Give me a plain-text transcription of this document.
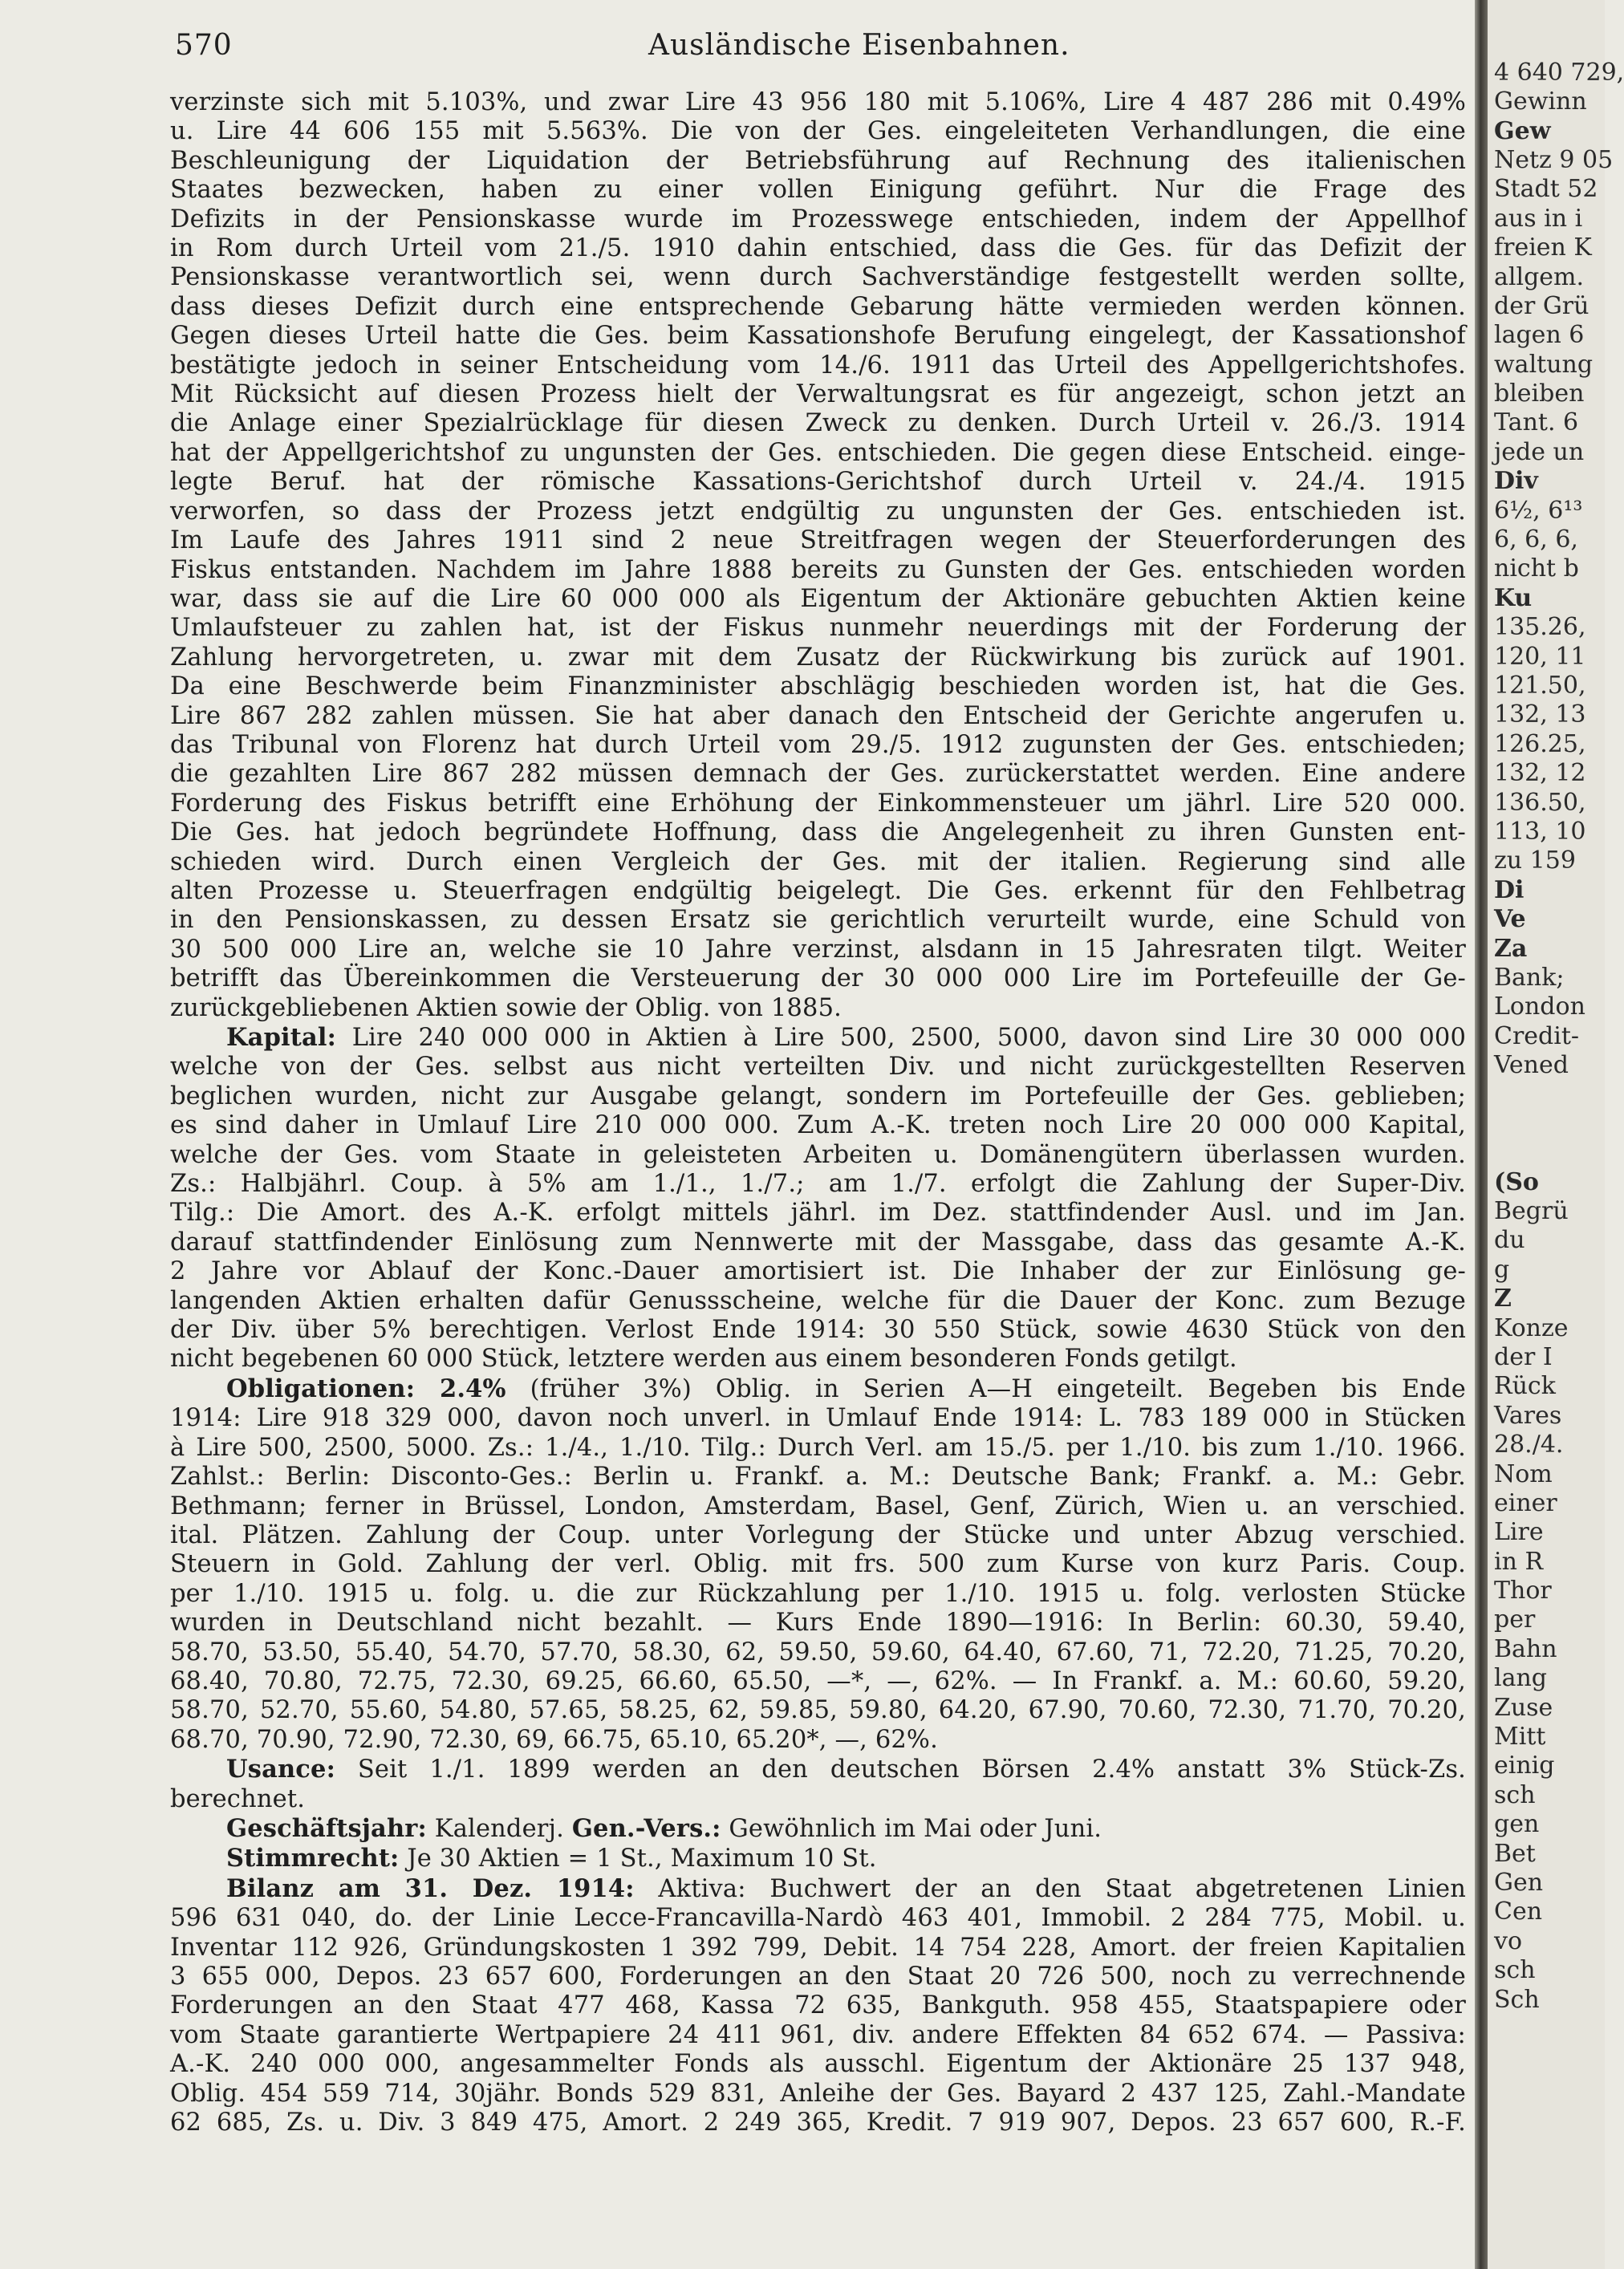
570	Ausländische Eisenbahnen.
verzinste sich mit 5.103%, und zwar Lire 43 956 180 mit 5.106%, Lire 4 487 286 mit 0.49%
u. Lire 44 606 155 mit 5.563%. Die von der Ges. eingeleiteten Verhandlungen, die eine
Beschleunigung der Liquidation der Betriebsführung auf Rechnung des italienischen
Staates bezwecken, haben zu einer vollen Einigung geführt. Nur die Frage des
Defizits in der Pensionskasse wurde im Prozesswege entschieden, indem der Appellhof
in Rom durch Urteil vom 21./5. 1910 dahin entschied, dass die Ges. für das Defizit der
Pensionskasse verantwortlich sei, wenn durch Sachverständige festgestellt werden sollte,
dass dieses Defizit durch eine entsprechende Gebarung hätte vermieden werden können.
Gegen dieses Urteil hatte die Ges. beim Kassationshofe Berufung eingelegt, der Kassationshof
bestätigte jedoch in seiner Entscheidung vom 14./6. 1911 das Urteil des Appellgerichtshofes.
Mit Rücksicht auf diesen Prozess hielt der Verwaltungsrat es für angezeigt, schon jetzt an
die Anlage einer Spezialrücklage für diesen Zweck zu denken. Durch Urteil v. 26./3. 1914
hat der Appellgerichtshof zu ungunsten der Ges. entschieden. Die gegen diese Entscheid. einge-
legte Beruf. hat der römische Kassations-Gerichtshof durch Urteil v. 24./4. 1915
verworfen, so dass der Prozess jetzt endgültig zu ungunsten der Ges. entschieden ist.
Im Laufe des Jahres 1911 sind 2 neue Streitfragen wegen der Steuerforderungen des
Fiskus entstanden. Nachdem im Jahre 1888 bereits zu Gunsten der Ges. entschieden worden
war, dass sie auf die Lire 60 000 000 als Eigentum der Aktionäre gebuchten Aktien keine
Umlaufsteuer zu zahlen hat, ist der Fiskus nunmehr neuerdings mit der Forderung der
Zahlung hervorgetreten, u. zwar mit dem Zusatz der Rückwirkung bis zurück auf 1901.
Da eine Beschwerde beim Finanzminister abschlägig beschieden worden ist, hat die Ges.
Lire 867 282 zahlen müssen. Sie hat aber danach den Entscheid der Gerichte angerufen u.
das Tribunal von Florenz hat durch Urteil vom 29./5. 1912 zugunsten der Ges. entschieden;
die gezahlten Lire 867 282 müssen demnach der Ges. zurückerstattet werden. Eine andere
Forderung des Fiskus betrifft eine Erhöhung der Einkommensteuer um jährl. Lire 520 000.
Die Ges. hat jedoch begründete Hoffnung, dass die Angelegenheit zu ihren Gunsten ent-
schieden wird. Durch einen Vergleich der Ges. mit der italien. Regierung sind alle
alten Prozesse u. Steuerfragen endgültig beigelegt. Die Ges. erkennt für den Fehlbetrag
in den Pensionskassen, zu dessen Ersatz sie gerichtlich verurteilt wurde, eine Schuld von
30 500 000 Lire an, welche sie 10 Jahre verzinst, alsdann in 15 Jahresraten tilgt. Weiter
betrifft das Übereinkommen die Versteuerung der 30 000 000 Lire im Portefeuille der Ge-
zurückgebliebenen Aktien sowie der Oblig. von 1885.
Kapital: Lire 240 000 000 in Aktien à Lire 500, 2500, 5000, davon sind Lire 30 000 000
welche von der Ges. selbst aus nicht verteilten Div. und nicht zurückgestellten Reserven
beglichen wurden, nicht zur Ausgabe gelangt, sondern im Portefeuille der Ges. geblieben;
es sind daher in Umlauf Lire 210 000 000. Zum A.-K. treten noch Lire 20 000 000 Kapital,
welche der Ges. vom Staate in geleisteten Arbeiten u. Domänengütern überlassen wurden.
Zs.: Halbjährl. Coup. à 5% am 1./1., 1./7.; am 1./7. erfolgt die Zahlung der Super-Div.
Tilg.: Die Amort. des A.-K. erfolgt mittels jährl. im Dez. stattfindender Ausl. und im Jan.
darauf stattfindender Einlösung zum Nennwerte mit der Massgabe, dass das gesamte A.-K.
2 Jahre vor Ablauf der Konc.-Dauer amortisiert ist. Die Inhaber der zur Einlösung ge-
langenden Aktien erhalten dafür Genussscheine, welche für die Dauer der Konc. zum Bezuge
der Div. über 5% berechtigen. Verlost Ende 1914: 30 550 Stück, sowie 4630 Stück von den
nicht begebenen 60 000 Stück, letztere werden aus einem besonderen Fonds getilgt.
Obligationen: 2.4% (früher 3%) Oblig. in Serien A—H eingeteilt. Begeben bis Ende
1914: Lire 918 329 000, davon noch unverl. in Umlauf Ende 1914: L. 783 189 000 in Stücken
à Lire 500, 2500, 5000. Zs.: 1./4., 1./10. Tilg.: Durch Verl. am 15./5. per 1./10. bis zum 1./10. 1966.
Zahlst.: Berlin: Disconto-Ges.: Berlin u. Frankf. a. M.: Deutsche Bank; Frankf. a. M.: Gebr.
Bethmann; ferner in Brüssel, London, Amsterdam, Basel, Genf, Zürich, Wien u. an verschied.
ital. Plätzen. Zahlung der Coup. unter Vorlegung der Stücke und unter Abzug verschied.
Steuern in Gold. Zahlung der verl. Oblig. mit frs. 500 zum Kurse von kurz Paris. Coup.
per 1./10. 1915 u. folg. u. die zur Rückzahlung per 1./10. 1915 u. folg. verlosten Stücke
wurden in Deutschland nicht bezahlt. — Kurs Ende 1890—1916: In Berlin: 60.30, 59.40,
58.70, 53.50, 55.40, 54.70, 57.70, 58.30, 62, 59.50, 59.60, 64.40, 67.60, 71, 72.20, 71.25, 70.20,
68.40, 70.80, 72.75, 72.30, 69.25, 66.60, 65.50, —*, —, 62%. — In Frankf. a. M.: 60.60, 59.20,
58.70, 52.70, 55.60, 54.80, 57.65, 58.25, 62, 59.85, 59.80, 64.20, 67.90, 70.60, 72.30, 71.70, 70.20,
68.70, 70.90, 72.90, 72.30, 69, 66.75, 65.10, 65.20*, —, 62%.
Usance: Seit 1./1. 1899 werden an den deutschen Börsen 2.4% anstatt 3% Stück-Zs.
berechnet.
Geschäftsjahr: Kalenderj. Gen.-Vers.: Gewöhnlich im Mai oder Juni.
Stimmrecht: Je 30 Aktien = 1 St., Maximum 10 St.
Bilanz am 31. Dez. 1914: Aktiva: Buchwert der an den Staat abgetretenen Linien
596 631 040, do. der Linie Lecce-Francavilla-Nardò 463 401, Immobil. 2 284 775, Mobil. u.
Inventar 112 926, Gründungskosten 1 392 799, Debit. 14 754 228, Amort. der freien Kapitalien
3 655 000, Depos. 23 657 600, Forderungen an den Staat 20 726 500, noch zu verrechnende
Forderungen an den Staat 477 468, Kassa 72 635, Bankguth. 958 455, Staatspapiere oder
vom Staate garantierte Wertpapiere 24 411 961, div. andere Effekten 84 652 674. — Passiva:
A.-K. 240 000 000, angesammelter Fonds als ausschl. Eigentum der Aktionäre 25 137 948,
Oblig. 454 559 714, 30jähr. Bonds 529 831, Anleihe der Ges. Bayard 2 437 125, Zahl.-Mandate
62 685, Zs. u. Div. 3 849 475, Amort. 2 249 365, Kredit. 7 919 907, Depos. 23 657 600, R.-F.
4 640 729,
Gewinn
Gew
Netz 9 05
Stadt 52
aus in i
freien K
allgem.
der Grü
lagen 6
waltung
bleiben
Tant. 6
jede un
Div
6½, 6¹³
6, 6, 6,
nicht b
Ku
135.26,
120, 11
121.50,
132, 13
126.25,
132, 12
136.50,
113, 10
zu 159
Di
Ve
Za
Bank;
London
Credit-
Vened
(So
Begrü
du
g
Z
Konze
der I
Rück
Vares
28./4.
Nom
einer
Lire
in R
Thor
per
Bahn
lang
Zuse
Mitt
einig
sch
gen
Bet
Gen
Cen
vo
sch
Sch
